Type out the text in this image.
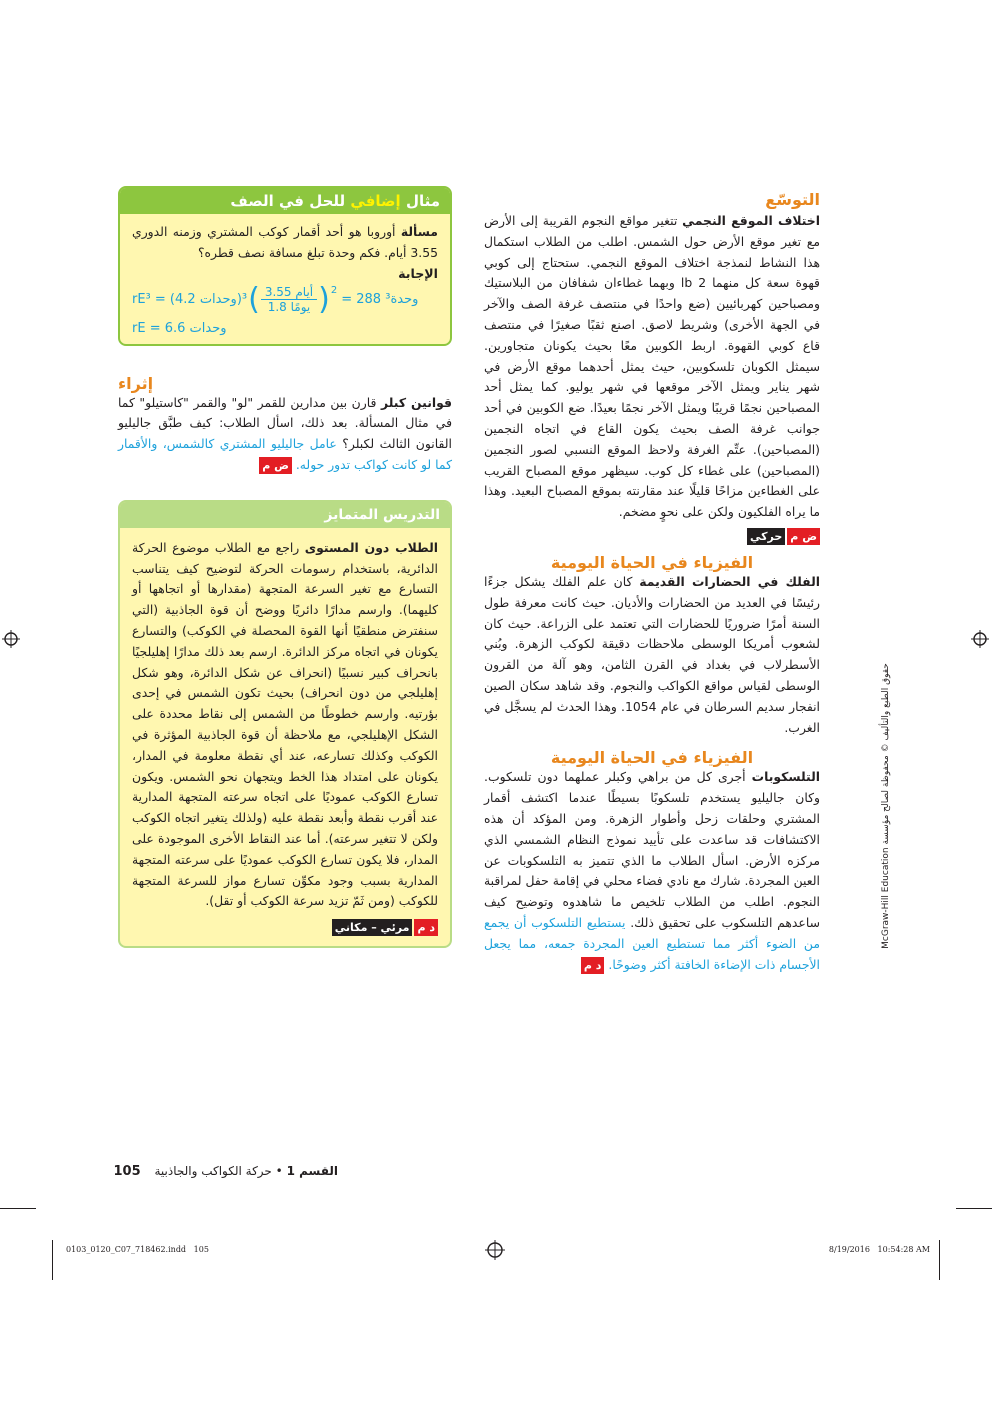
التوسّع
اختلاف الموقع النجمي تتغير مواقع النجوم القريبة إلى الأرض مع تغير موقع الأرض حول الشمس. اطلب من الطلاب استكمال هذا النشاط لنمذجة اختلاف الموقع النجمي. ستحتاج إلى كوبي قهوة سعة كل منهما 2 lb وبهما غطاءان شفافان من البلاستيك ومصباحين كهربائيين (ضع واحدًا في منتصف غرفة الصف والآخر في الجهة الأخرى) وشريط لاصق. اصنع ثقبًا صغيرًا في منتصف قاع كوبي القهوة. اربط الكوبين معًا بحيث يكونان متجاورين. سيمثل الكوبان تلسكوبين، حيث يمثل أحدهما موقع الأرض في شهر يناير ويمثل الآخر موقعها في شهر يوليو. كما يمثل أحد المصباحين نجمًا قريبًا ويمثل الآخر نجمًا بعيدًا. ضع الكوبين في أحد جوانب غرفة الصف بحيث يكون القاع في اتجاه النجمين (المصباحين). عتِّم الغرفة ولاحظ الموقع النسبي لصور النجمين (المصباحين) على غطاء كل كوب. سيظهر موقع المصباح القريب على الغطاءين مزاحًا قليلًا عند مقارنته بموقع المصباح البعيد. وهذا ما يراه الفلكيون ولكن على نحوٍ مضخم.
ض محركي
الفيزياء في الحياة اليومية
الفلك في الحضارات القديمة كان علم الفلك يشكل جزءًا رئيسًا في العديد من الحضارات والأديان. حيث كانت معرفة طول السنة أمرًا ضروريًا للحضارات التي تعتمد على الزراعة. حيث كان لشعوب أمريكا الوسطى ملاحظات دقيقة لكوكب الزهرة. وبُني الأسطرلاب في بغداد في القرن الثامن، وهو آلة من القرون الوسطى لقياس مواقع الكواكب والنجوم. وقد شاهد سكان الصين انفجار سديم السرطان في عام 1054. وهذا الحدث لم يسجَّل في الغرب.
الفيزياء في الحياة اليومية
التلسكوبات أجرى كل من براهي وكبلر عملهما دون تلسكوب. وكان جاليليو يستخدم تلسكوبًا بسيطًا عندما اكتشف أقمار المشتري وحلقات زحل وأطوار الزهرة. ومن المؤكد أن هذه الاكتشافات قد ساعدت على تأييد نموذج النظام الشمسي الذي مركزه الأرض. اسأل الطلاب ما الذي تتميز به التلسكوبات عن العين المجردة. شارك مع نادي فضاء محلي في إقامة حفل لمراقبة النجوم. اطلب من الطلاب تلخيص ما شاهدوه وتوضيح كيف ساعدهم التلسكوب على تحقيق ذلك. يستطيع التلسكوب أن يجمع من الضوء أكثر مما تستطيع العين المجردة جمعه، مما يجعل الأجسام ذات الإضاءة الخافتة أكثر وضوحًا. د م
مثال إضافي للحل في الصف
مسألة أوروبا هو أحد أقمار كوكب المشتري وزمنه الدوري 3.55 أيام. فكم وحدة تبلغ مسافة نصف قطره؟
الإجابة
rE³ = (4.2 وحدات)³ ( 3.55 أيام
1.8 يومًا )$^2$
= 288 وحدة³
rE = 6.6 وحدات
إثراء
قوانين كبلر قارن بين مدارين للقمر "لو" والقمر "كاستيلو" كما في مثال المسألة. بعد ذلك، اسأل الطلاب: كيف طبَّق جاليليو القانون الثالث لكبلر؟ عامل جاليليو المشتري كالشمس، والأقمار كما لو كانت كواكب تدور حوله. ض م
التدريس المتمايز
الطلاب دون المستوى راجع مع الطلاب موضوع الحركة الدائرية، باستخدام رسومات الحركة لتوضيح كيف يتناسب التسارع مع تغير السرعة المتجهة (مقدارها أو اتجاهها أو كليهما). وارسم مدارًا دائريًا ووضح أن قوة الجاذبية (التي سنفترض منطقيًا أنها القوة المحصلة في الكوكب) والتسارع يكونان في اتجاه مركز الدائرة. ارسم بعد ذلك مدارًا إهليلجيًا بانحراف كبير نسبيًا (انحراف عن شكل الدائرة، وهو شكل إهليلجي من دون انحراف) بحيث تكون الشمس في إحدى بؤرتيه. وارسم خطوطًا من الشمس إلى نقاط محددة على الشكل الإهليلجي، مع ملاحظة أن قوة الجاذبية المؤثرة في الكوكب وكذلك تسارعه، عند أي نقطة معلومة في المدار، يكونان على امتداد هذا الخط ويتجهان نحو الشمس. ويكون تسارع الكوكب عموديًا على اتجاه سرعته المتجهة المدارية عند أقرب نقطة وأبعد نقطة عليه (ولذلك يتغير اتجاه الكوكب ولكن لا تتغير سرعته). أما عند النقاط الأخرى الموجودة على المدار، فلا يكون تسارع الكوكب عموديًا على سرعته المتجهة المدارية بسبب وجود مكوِّن تسارع مواز للسرعة المتجهة للكوكب (ومن ثَمّ تزيد سرعة الكوكب أو تقل).
د ممرئي – مكاني	حقوق الطبع والتأليف © محفوظة لصالح مؤسسة McGraw-Hill Education
القسم 1 • حركة الكواكب والجاذبية 105
0103_0120_C07_718462.indd   105	8/19/2016   10:54:28 AM
